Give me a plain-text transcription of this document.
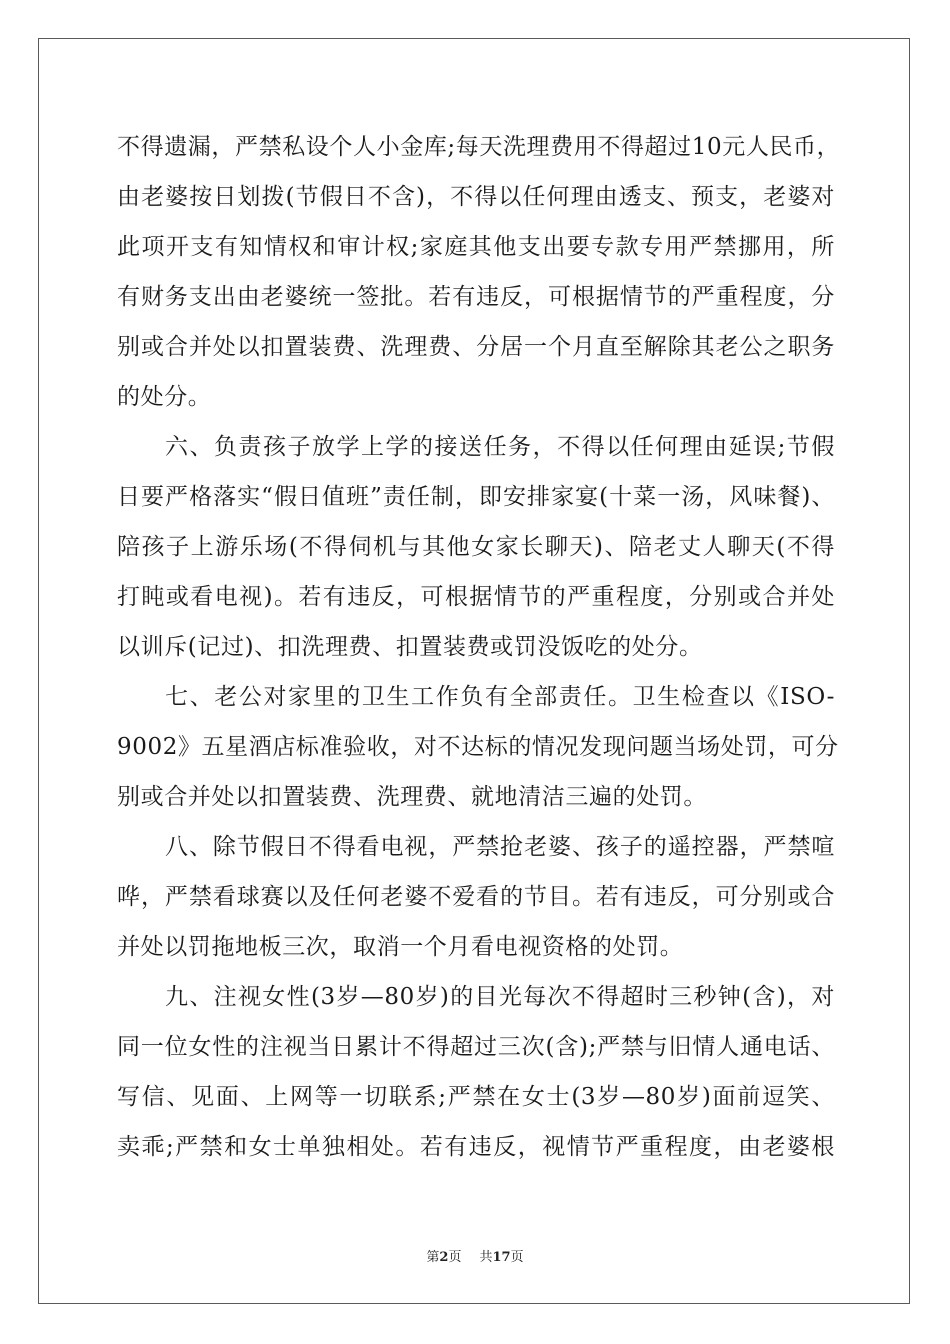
不得遗漏，严禁私设个人小金库;每天洗理费用不得超过10元人民币，
由老婆按日划拨(节假日不含)，不得以任何理由透支、预支，老婆对
此项开支有知情权和审计权;家庭其他支出要专款专用严禁挪用，所
有财务支出由老婆统一签批。若有违反，可根据情节的严重程度，分
别或合并处以扣置装费、洗理费、分居一个月直至解除其老公之职务
的处分。
六、负责孩子放学上学的接送任务，不得以任何理由延误;节假
日要严格落实“假日值班”责任制，即安排家宴(十菜一汤，风味餐)、
陪孩子上游乐场(不得伺机与其他女家长聊天)、陪老丈人聊天(不得
打盹或看电视)。若有违反，可根据情节的严重程度，分别或合并处
以训斥(记过)、扣洗理费、扣置装费或罚没饭吃的处分。
七、老公对家里的卫生工作负有全部责任。卫生检查以《ISO-
9002》五星酒店标准验收，对不达标的情况发现问题当场处罚，可分
别或合并处以扣置装费、洗理费、就地清洁三遍的处罚。
八、除节假日不得看电视，严禁抢老婆、孩子的遥控器，严禁喧
哗，严禁看球赛以及任何老婆不爱看的节目。若有违反，可分别或合
并处以罚拖地板三次，取消一个月看电视资格的处罚。
九、注视女性(3岁—80岁)的目光每次不得超时三秒钟(含)，对
同一位女性的注视当日累计不得超过三次(含);严禁与旧情人通电话、
写信、见面、上网等一切联系;严禁在女士(3岁—80岁)面前逗笑、
卖乖;严禁和女士单独相处。若有违反，视情节严重程度，由老婆根
第2页 共17页
